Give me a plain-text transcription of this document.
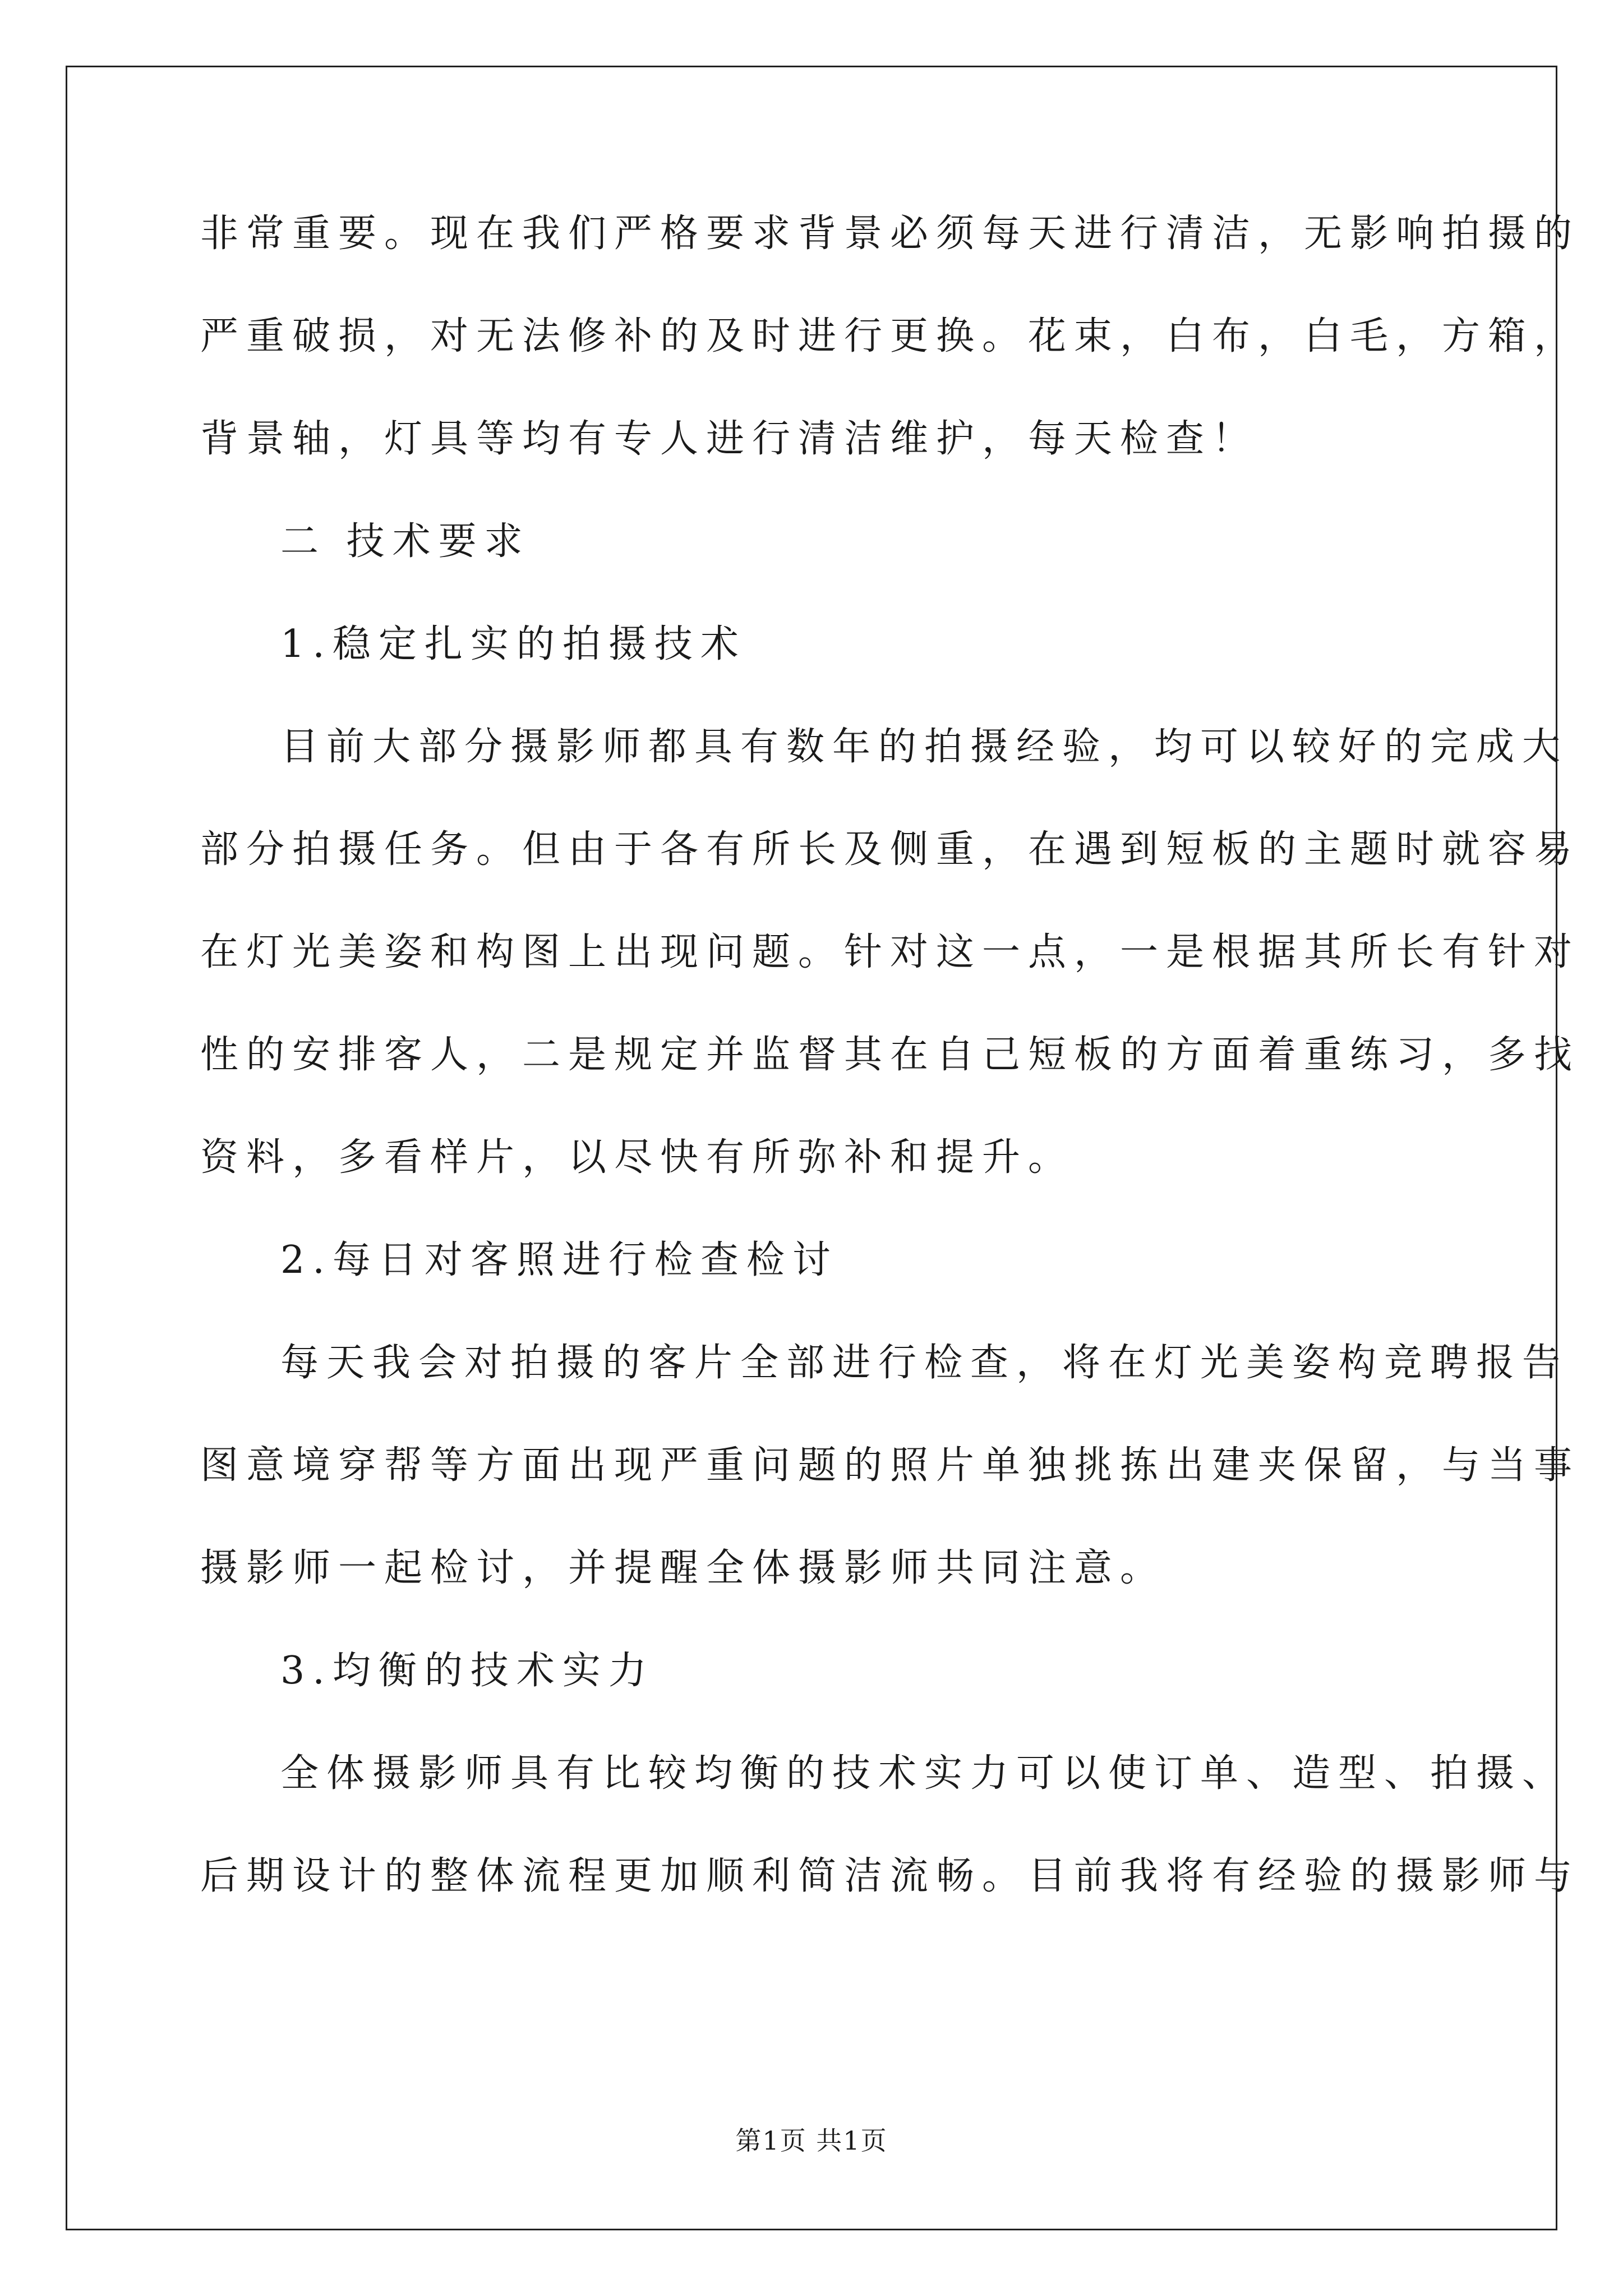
非常重要。现在我们严格要求背景必须每天进行清洁，无影响拍摄的
严重破损，对无法修补的及时进行更换。花束，白布，白毛，方箱，
背景轴，灯具等均有专人进行清洁维护，每天检查！
二 技术要求
1.稳定扎实的拍摄技术
目前大部分摄影师都具有数年的拍摄经验，均可以较好的完成大
部分拍摄任务。但由于各有所长及侧重，在遇到短板的主题时就容易
在灯光美姿和构图上出现问题。针对这一点，一是根据其所长有针对
性的安排客人，二是规定并监督其在自己短板的方面着重练习，多找
资料，多看样片，以尽快有所弥补和提升。
2.每日对客照进行检查检讨
每天我会对拍摄的客片全部进行检查，将在灯光美姿构竞聘报告
图意境穿帮等方面出现严重问题的照片单独挑拣出建夹保留，与当事
摄影师一起检讨，并提醒全体摄影师共同注意。
3.均衡的技术实力
全体摄影师具有比较均衡的技术实力可以使订单、造型、拍摄、
后期设计的整体流程更加顺利简洁流畅。目前我将有经验的摄影师与
第1页 共1页
